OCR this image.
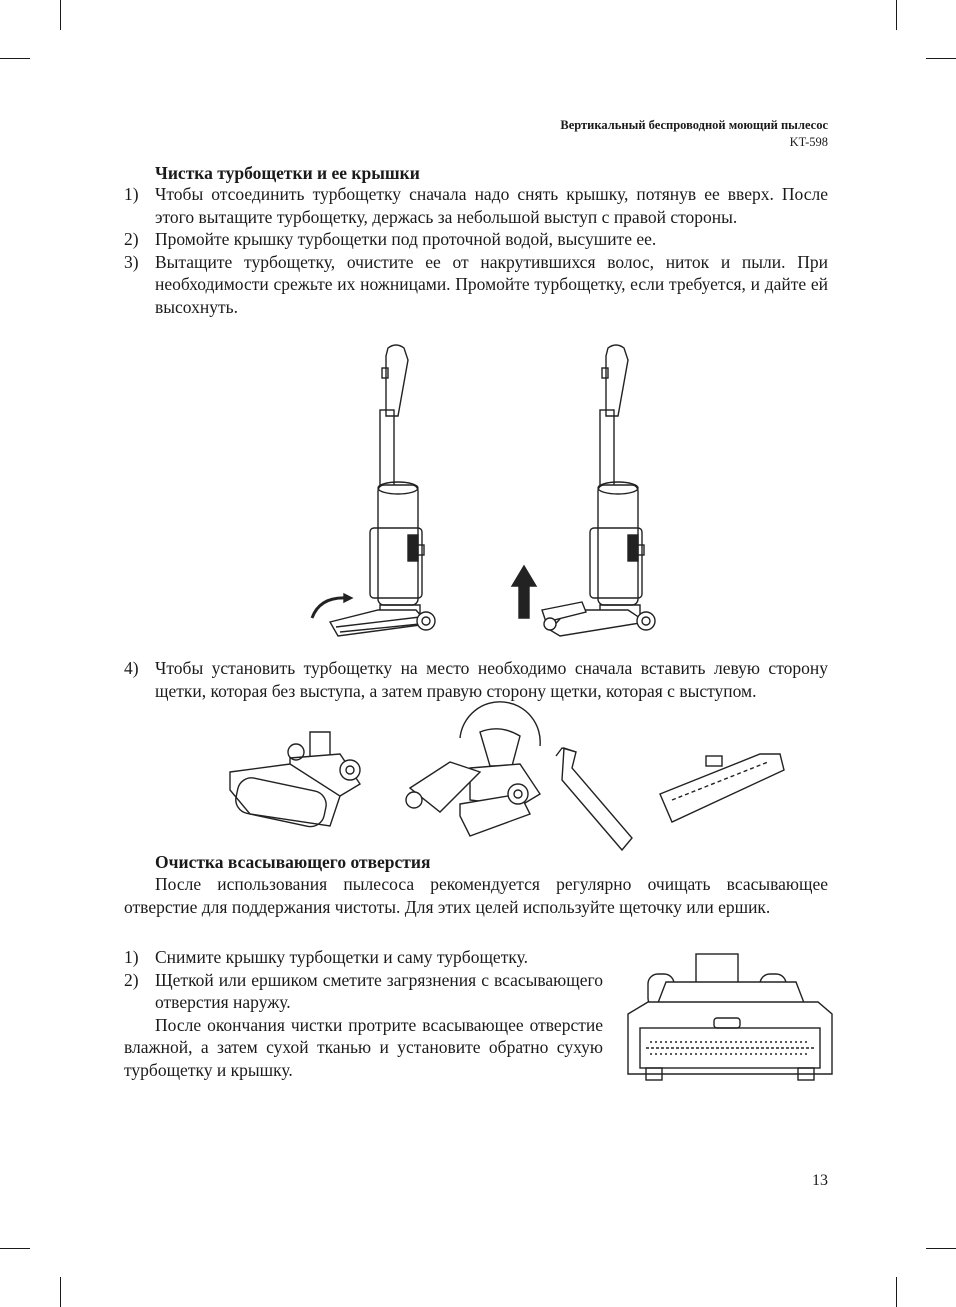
Вертикальный беспроводной моющий пылесос
KT-598
Чистка турбощетки и ее крышки
1) Чтобы отсоединить турбощетку сначала надо снять крышку, потянув ее вверх. После этого вытащите турбощетку, держась за небольшой выступ с правой стороны.
2) Промойте крышку турбощетки под проточной водой, высушите ее.
3) Вытащите турбощетку, очистите ее от накрутившихся волос, ниток и пыли. При необходимости срежьте их ножницами. Промойте турбощетку, если требуется, и дайте ей высохнуть.
4) Чтобы установить турбощетку на место необходимо сначала вставить левую сторону щетки, которая без выступа, а затем правую сторону щетки, которая с выступом.
Очистка всасывающего отверстия
После использования пылесоса рекомендуется регулярно очищать всасывающее отверстие для поддержания чистоты. Для этих целей используйте щеточку или ершик.
1) Снимите крышку турбощетки и саму турбощетку.
2) Щеткой или ершиком сметите загрязнения с всасывающего отверстия наружу.
После окончания чистки протрите всасывающее отверстие влажной, а затем сухой тканью и установите обратно сухую турбощетку и крышку.
13
